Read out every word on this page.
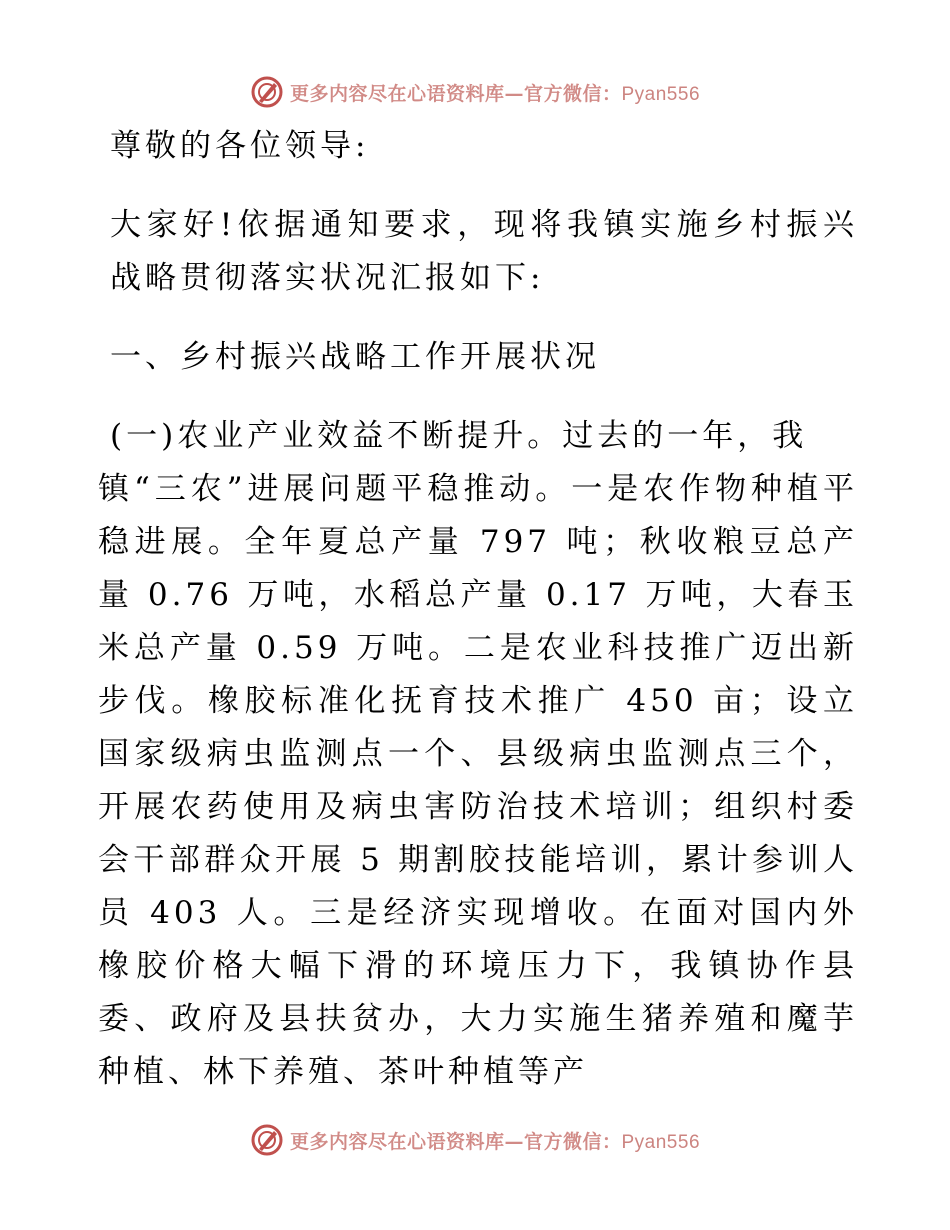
更多内容尽在心语资料库—官方微信：Pyan556

尊敬的各位领导:

大家好!依据通知要求，现将我镇实施乡村振兴战略贯彻落实状况汇报如下:

一、乡村振兴战略工作开展状况

(一)农业产业效益不断提升。过去的一年，我

镇“三农”进展问题平稳推动。一是农作物种植平稳进展。全年夏总产量 797 吨；秋收粮豆总产量 0.76 万吨，水稻总产量 0.17 万吨，大春玉米总产量 0.59 万吨。二是农业科技推广迈出新步伐。橡胶标准化抚育技术推广 450 亩；设立国家级病虫监测点一个、县级病虫监测点三个，开展农药使用及病虫害防治技术培训；组织村委会干部群众开展 5 期割胶技能培训，累计参训人员 403 人。三是经济实现增收。在面对国内外橡胶价格大幅下滑的环境压力下，我镇协作县委、政府及县扶贫办，大力实施生猪养殖和魔芋种植、林下养殖、茶叶种植等产

更多内容尽在心语资料库—官方微信：Pyan556
